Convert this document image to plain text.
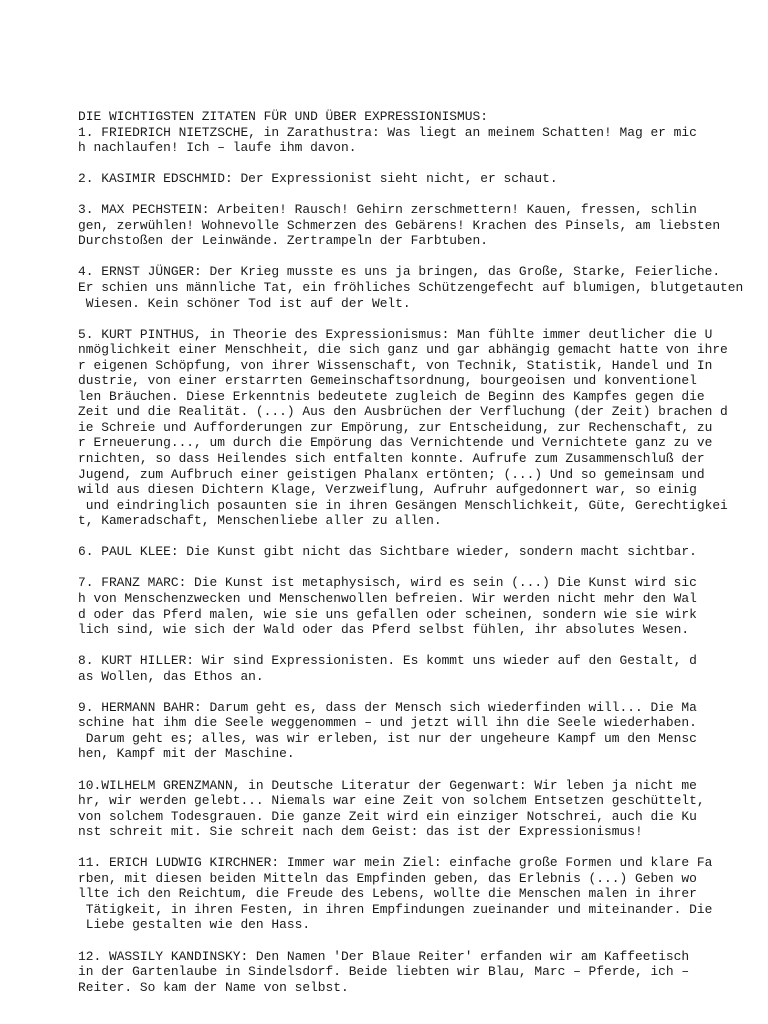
DIE WICHTIGSTEN ZITATEN FÜR UND ÜBER EXPRESSIONISMUS:
1. FRIEDRICH NIETZSCHE, in Zarathustra: Was liegt an meinem Schatten! Mag er mic
h nachlaufen! Ich – laufe ihm davon.
2. KASIMIR EDSCHMID: Der Expressionist sieht nicht, er schaut.
3. MAX PECHSTEIN: Arbeiten! Rausch! Gehirn zerschmettern! Kauen, fressen, schlin
gen, zerwühlen! Wohnevolle Schmerzen des Gebärens! Krachen des Pinsels, am liebsten
Durchstoßen der Leinwände. Zertrampeln der Farbtuben.
4. ERNST JÜNGER: Der Krieg musste es uns ja bringen, das Große, Starke, Feierliche.
Er schien uns männliche Tat, ein fröhliches Schützengefecht auf blumigen, blutgetauten
Wiesen. Kein schöner Tod ist auf der Welt.
5. KURT PINTHUS, in Theorie des Expressionismus: Man fühlte immer deutlicher die U
nmöglichkeit einer Menschheit, die sich ganz und gar abhängig gemacht hatte von ihre
r eigenen Schöpfung, von ihrer Wissenschaft, von Technik, Statistik, Handel und In
dustrie, von einer erstarrten Gemeinschaftsordnung, bourgeoisen und konventionel
len Bräuchen. Diese Erkenntnis bedeutete zugleich de Beginn des Kampfes gegen die
Zeit und die Realität. (...) Aus den Ausbrüchen der Verfluchung (der Zeit) brachen d
ie Schreie und Aufforderungen zur Empörung, zur Entscheidung, zur Rechenschaft, zu
r Erneuerung..., um durch die Empörung das Vernichtende und Vernichtete ganz zu ve
rnichten, so dass Heilendes sich entfalten konnte. Aufrufe zum Zusammenschluß der
Jugend, zum Aufbruch einer geistigen Phalanx ertönten; (...) Und so gemeinsam und
wild aus diesen Dichtern Klage, Verzweiflung, Aufruhr aufgedonnert war, so einig
und eindringlich posaunten sie in ihren Gesängen Menschlichkeit, Güte, Gerechtigkei
t, Kameradschaft, Menschenliebe aller zu allen.
6. PAUL KLEE: Die Kunst gibt nicht das Sichtbare wieder, sondern macht sichtbar.
7. FRANZ MARC: Die Kunst ist metaphysisch, wird es sein (...) Die Kunst wird sic
h von Menschenzwecken und Menschenwollen befreien. Wir werden nicht mehr den Wal
d oder das Pferd malen, wie sie uns gefallen oder scheinen, sondern wie sie wirk
lich sind, wie sich der Wald oder das Pferd selbst fühlen, ihr absolutes Wesen.
8. KURT HILLER: Wir sind Expressionisten. Es kommt uns wieder auf den Gestalt, d
as Wollen, das Ethos an.
9. HERMANN BAHR: Darum geht es, dass der Mensch sich wiederfinden will... Die Ma
schine hat ihm die Seele weggenommen – und jetzt will ihn die Seele wiederhaben.
Darum geht es; alles, was wir erleben, ist nur der ungeheure Kampf um den Mensc
hen, Kampf mit der Maschine.
10.WILHELM GRENZMANN, in Deutsche Literatur der Gegenwart: Wir leben ja nicht me
hr, wir werden gelebt... Niemals war eine Zeit von solchem Entsetzen geschüttelt,
von solchem Todesgrauen. Die ganze Zeit wird ein einziger Notschrei, auch die Ku
nst schreit mit. Sie schreit nach dem Geist: das ist der Expressionismus!
11. ERICH LUDWIG KIRCHNER: Immer war mein Ziel: einfache große Formen und klare Fa
rben, mit diesen beiden Mitteln das Empfinden geben, das Erlebnis (...) Geben wo
llte ich den Reichtum, die Freude des Lebens, wollte die Menschen malen in ihrer
Tätigkeit, in ihren Festen, in ihren Empfindungen zueinander und miteinander. Die
Liebe gestalten wie den Hass.
12. WASSILY KANDINSKY: Den Namen 'Der Blaue Reiter' erfanden wir am Kaffeetisch
in der Gartenlaube in Sindelsdorf. Beide liebten wir Blau, Marc – Pferde, ich –
Reiter. So kam der Name von selbst.
